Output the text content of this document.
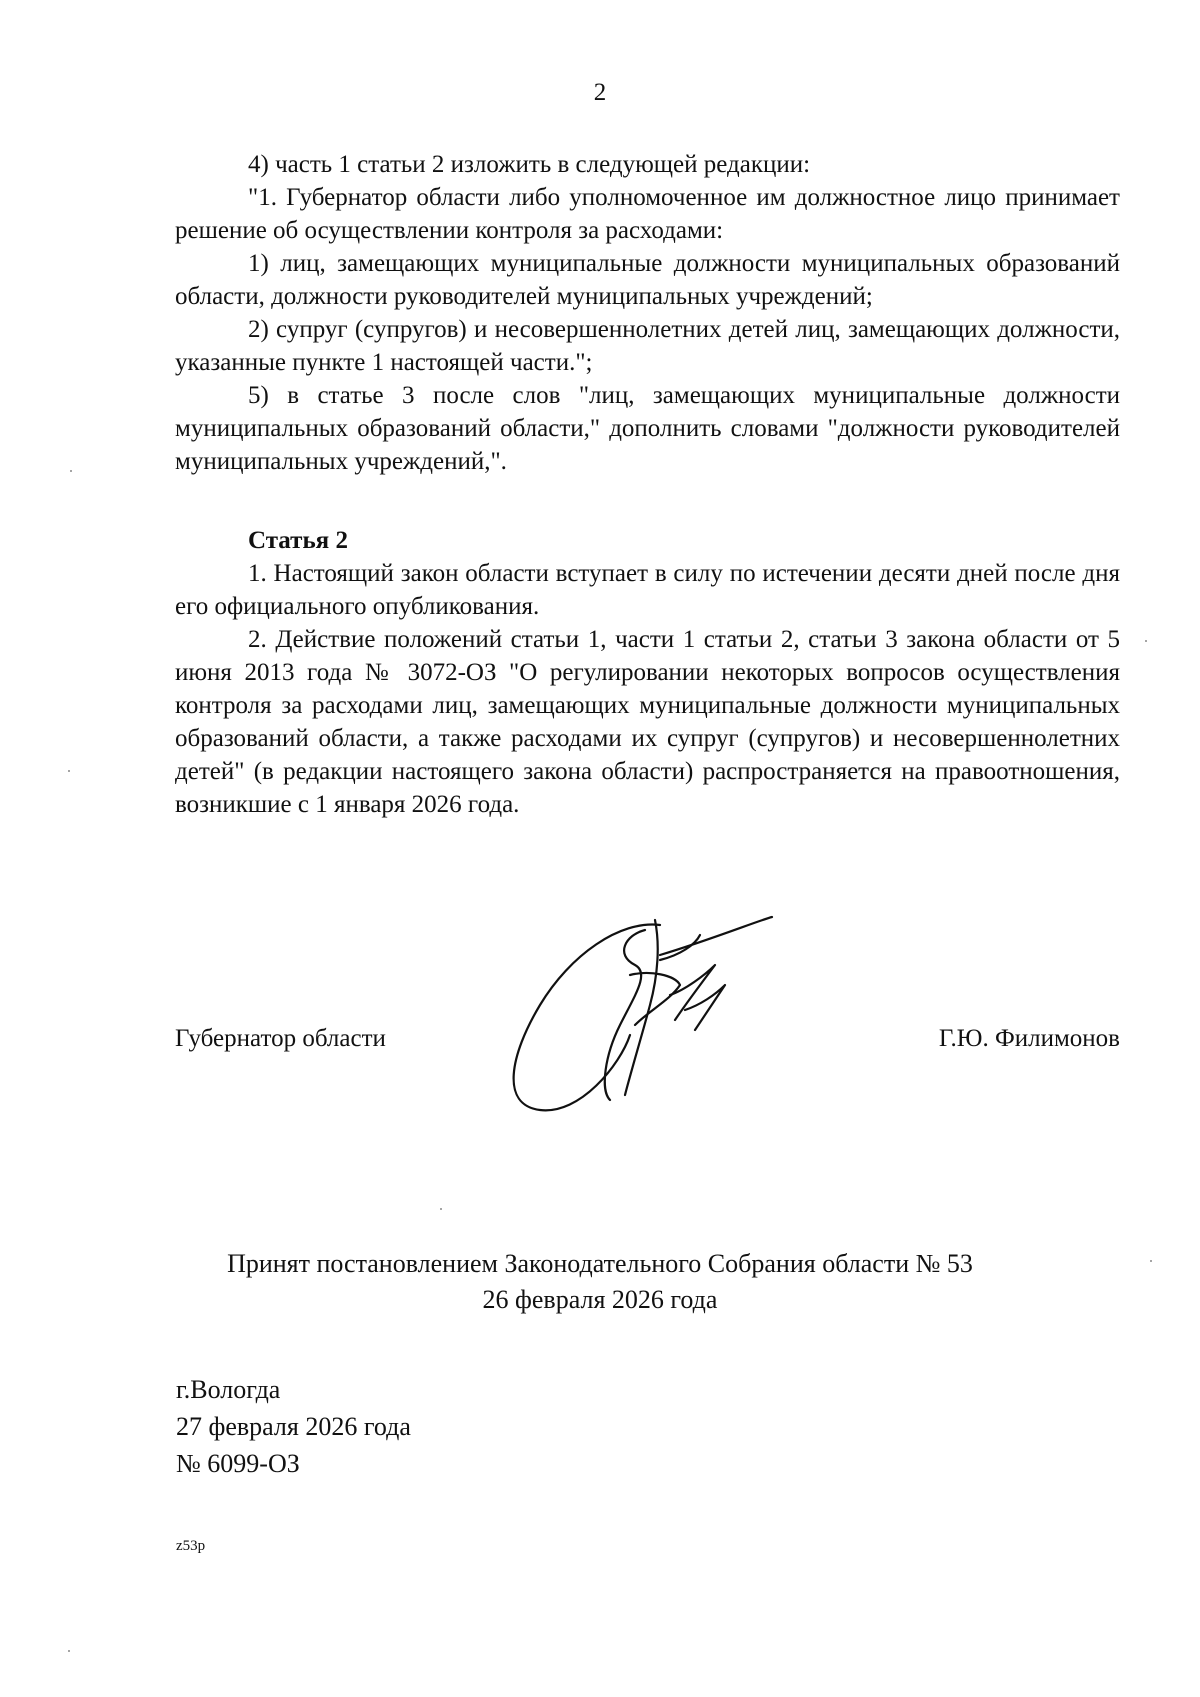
2

4) часть 1 статьи 2 изложить в следующей редакции:

"1. Губернатор области либо уполномоченное им должностное лицо принимает решение об осуществлении контроля за расходами:

1) лиц, замещающих муниципальные должности муниципальных образований области, должности руководителей муниципальных учреждений;

2) супруг (супругов) и несовершеннолетних детей лиц, замещающих должности, указанные пункте 1 настоящей части.";

5) в статье 3 после слов "лиц, замещающих муниципальные должности муниципальных образований области," дополнить словами "должности руководителей муниципальных учреждений,".

Статья 2

1. Настоящий закон области вступает в силу по истечении десяти дней после дня его официального опубликования.

2. Действие положений статьи 1, части 1 статьи 2, статьи 3 закона области от 5 июня 2013 года № 3072-ОЗ "О регулировании некоторых вопросов осуществления контроля за расходами лиц, замещающих муниципальные должности муниципальных образований области, а также расходами их супруг (супругов) и несовершеннолетних детей" (в редакции настоящего закона области) распространяется на правоотношения, возникшие с 1 января 2026 года.

Губернатор области	Г.Ю. Филимонов
Принят постановлением Законодательного Собрания области № 53
26 февраля 2026 года
г.Вологда
27 февраля 2026 года
№ 6099-ОЗ
z53p
